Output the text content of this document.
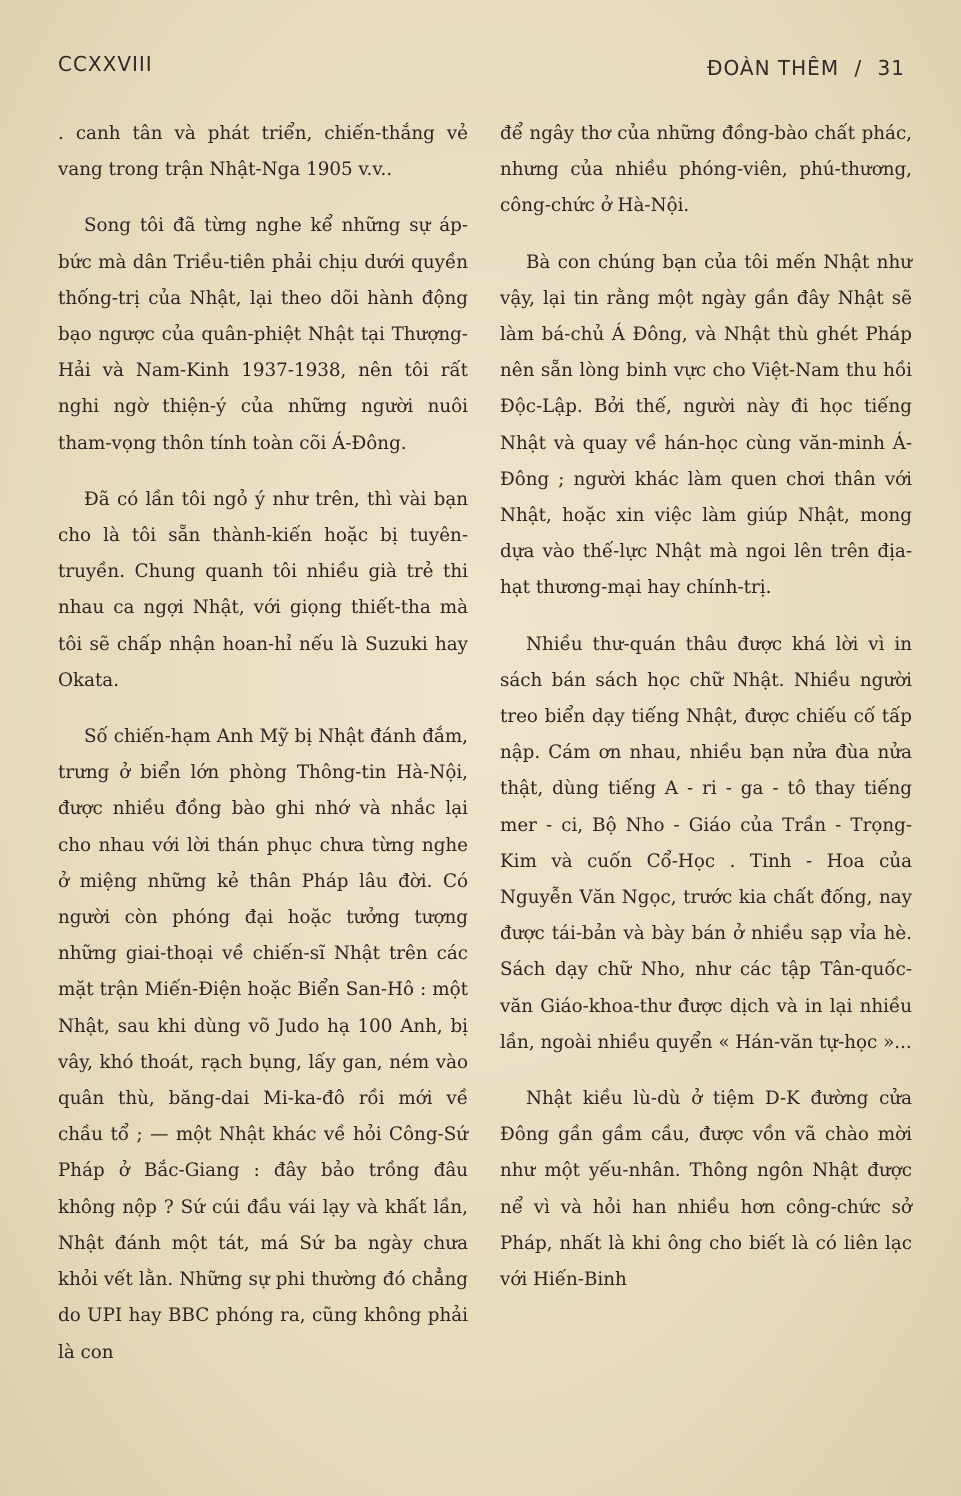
CCXXVIII	ĐOÀN THÊM / 31

. canh tân và phát triển, chiến-thắng vẻ vang trong trận Nhật-Nga 1905 v.v..

Song tôi đã từng nghe kể những sự áp-bức mà dân Triều-tiên phải chịu dưới quyền thống-trị của Nhật, lại theo dõi hành động bạo ngược của quân-phiệt Nhật tại Thượng-Hải và Nam-Kinh 1937-1938, nên tôi rất nghi ngờ thiện-ý của những người nuôi tham-vọng thôn tính toàn cõi Á-Đông.

Đã có lần tôi ngỏ ý như trên, thì vài bạn cho là tôi sẵn thành-kiến hoặc bị tuyên-truyền. Chung quanh tôi nhiều già trẻ thi nhau ca ngợi Nhật, với giọng thiết-tha mà tôi sẽ chấp nhận hoan-hỉ nếu là Suzuki hay Okata.

Số chiến-hạm Anh Mỹ bị Nhật đánh đắm, trưng ở biển lớn phòng Thông-tin Hà-Nội, được nhiều đồng bào ghi nhớ và nhắc lại cho nhau với lời thán phục chưa từng nghe ở miệng những kẻ thân Pháp lâu đời. Có người còn phóng đại hoặc tưởng tượng những giai-thoại về chiến-sĩ Nhật trên các mặt trận Miến-Điện hoặc Biển San-Hô : một Nhật, sau khi dùng võ Judo hạ 100 Anh, bị vây, khó thoát, rạch bụng, lấy gan, ném vào quân thù, băng-dai Mi-ka-đô rồi mới về chầu tổ ; — một Nhật khác về hỏi Công-Sứ Pháp ở Bắc-Giang : đây bảo trồng đâu không nộp ? Sứ cúi đầu vái lạy và khất lần, Nhật đánh một tát, má Sứ ba ngày chưa khỏi vết lằn. Những sự phi thường đó chẳng do UPI hay BBC phóng ra, cũng không phải là con

để ngây thơ của những đồng-bào chất phác, nhưng của nhiều phóng-viên, phú-thương, công-chức ở Hà-Nội.

Bà con chúng bạn của tôi mến Nhật như vậy, lại tin rằng một ngày gần đây Nhật sẽ làm bá-chủ Á Đông, và Nhật thù ghét Pháp nên sẵn lòng binh vực cho Việt-Nam thu hồi Độc-Lập. Bởi thế, người này đi học tiếng Nhật và quay về hán-học cùng văn-minh Á-Đông ; người khác làm quen chơi thân với Nhật, hoặc xin việc làm giúp Nhật, mong dựa vào thế-lực Nhật mà ngoi lên trên địa-hạt thương-mại hay chính-trị.

Nhiều thư-quán thâu được khá lời vì in sách bán sách học chữ Nhật. Nhiều người treo biển dạy tiếng Nhật, được chiếu cố tấp nập. Cám ơn nhau, nhiều bạn nửa đùa nửa thật, dùng tiếng A - ri - ga - tô thay tiếng mer - ci, Bộ Nho - Giáo của Trần - Trọng-Kim và cuốn Cổ-Học . Tinh - Hoa của Nguyễn Văn Ngọc, trước kia chất đống, nay được tái-bản và bày bán ở nhiều sạp vỉa hè. Sách dạy chữ Nho, như các tập Tân-quốc-văn Giáo-khoa-thư được dịch và in lại nhiều lần, ngoài nhiều quyển « Hán-văn tự-học »...

Nhật kiều lù-dù ở tiệm D-K đường cửa Đông gần gầm cầu, được vồn vã chào mời như một yếu-nhân. Thông ngôn Nhật được nể vì và hỏi han nhiều hơn công-chức sở Pháp, nhất là khi ông cho biết là có liên lạc với Hiến-Binh
